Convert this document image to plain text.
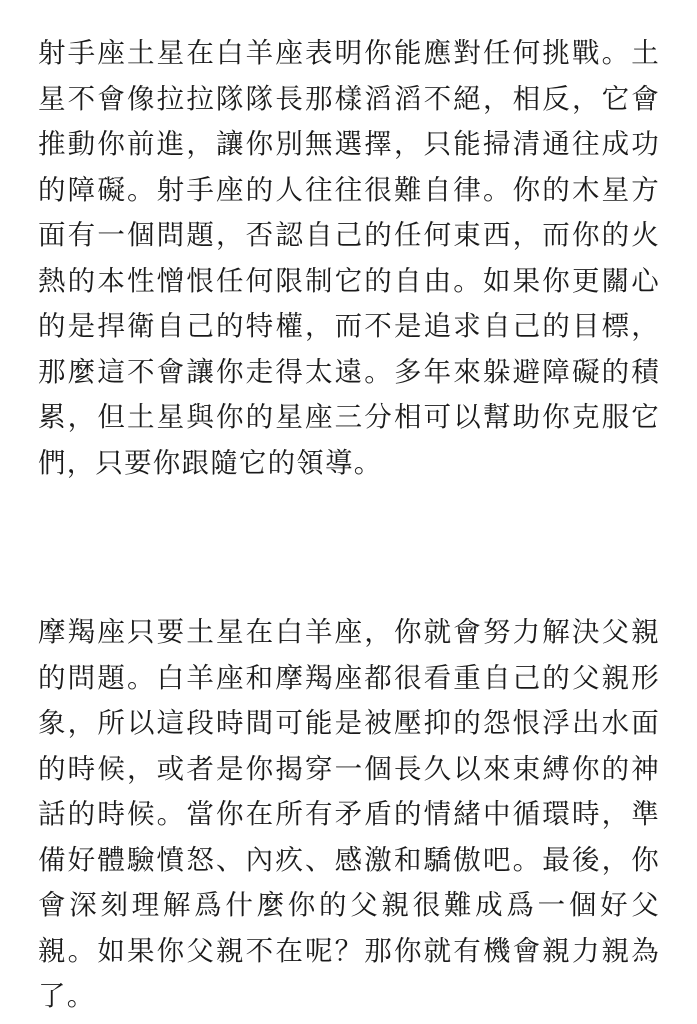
射手座土星在白羊座表明你能應對任何挑戰。土星不會像拉拉隊隊長那樣滔滔不絕，相反，它會推動你前進，讓你別無選擇，只能掃清通往成功的障礙。射手座的人往往很難自律。你的木星方面有一個問題，否認自己的任何東西，而你的火熱的本性憎恨任何限制它的自由。如果你更關心的是捍衛自己的特權，而不是追求自己的目標，那麼這不會讓你走得太遠。多年來躲避障礙的積累，但土星與你的星座三分相可以幫助你克服它們，只要你跟隨它的領導。

摩羯座只要土星在白羊座，你就會努力解決父親的問題。白羊座和摩羯座都很看重自己的父親形象，所以這段時間可能是被壓抑的怨恨浮出水面的時候，或者是你揭穿一個長久以來束縛你的神話的時候。當你在所有矛盾的情緒中循環時，準備好體驗憤怒、內疚、感激和驕傲吧。最後，你會深刻理解爲什麼你的父親很難成爲一個好父親。如果你父親不在呢？那你就有機會親力親為了。
